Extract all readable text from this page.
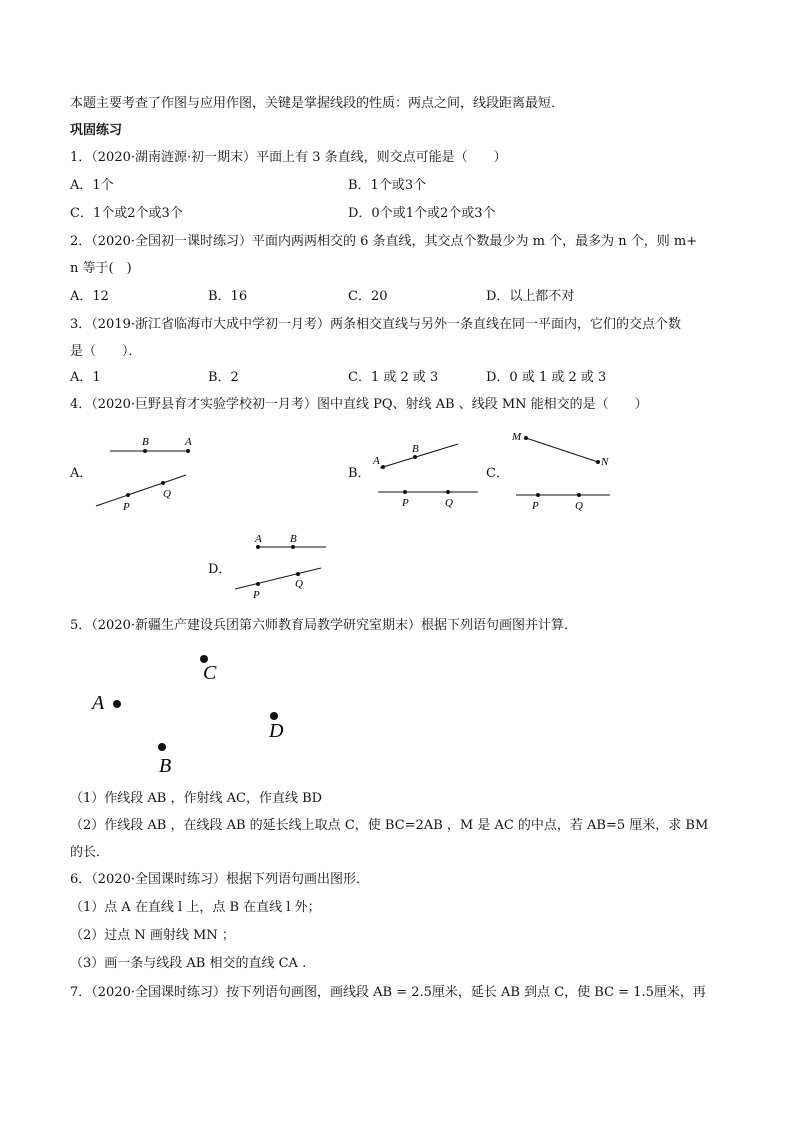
本题主要考查了作图与应用作图，关键是掌握线段的性质：两点之间，线段距离最短．
巩固练习
1．（2020·湖南涟源·初一期末）平面上有 3 条直线，则交点可能是（　　）
A．1个	B．1个或3个
C．1个或2个或3个	D．0个或1个或2个或3个
2．（2020·全国初一课时练习）平面内两两相交的 6 条直线，其交点个数最少为 m 个，最多为 n 个，则 m+
n 等于(　)
A．12	B．16	C．20	D．以上都不对
3．（2019·浙江省临海市大成中学初一月考）两条相交直线与另外一条直线在同一平面内，它们的交点个数
是（　　）．
A．1	B．2	C．1 或 2 或 3	D．0 或 1 或 2 或 3
4．（2020·巨野县育才实验学校初一月考）图中直线 PQ、射线 AB 、线段 MN 能相交的是（　　）
A．
B	A
P
Q
B．
A
B
P	Q
C．
M
N
P	Q
D．
A	B
P
Q
5．（2020·新疆生产建设兵团第六师教育局教学研究室期末）根据下列语句画图并计算．
C
A
D
B
（1）作线段 AB ，作射线 AC，作直线 BD
（2）作线段 AB ，在线段 AB 的延长线上取点 C，使 BC=2AB ，M 是 AC 的中点，若 AB=5 厘米，求 BM
的长．
6．（2020·全国课时练习）根据下列语句画出图形．
（1）点 A 在直线 l 上，点 B 在直线 l 外；
（2）过点 N 画射线 MN ；
（3）画一条与线段 AB 相交的直线 CA .
7．（2020·全国课时练习）按下列语句画图，画线段 AB = 2.5厘米，延长 AB 到点 C，使 BC = 1.5厘米，再
